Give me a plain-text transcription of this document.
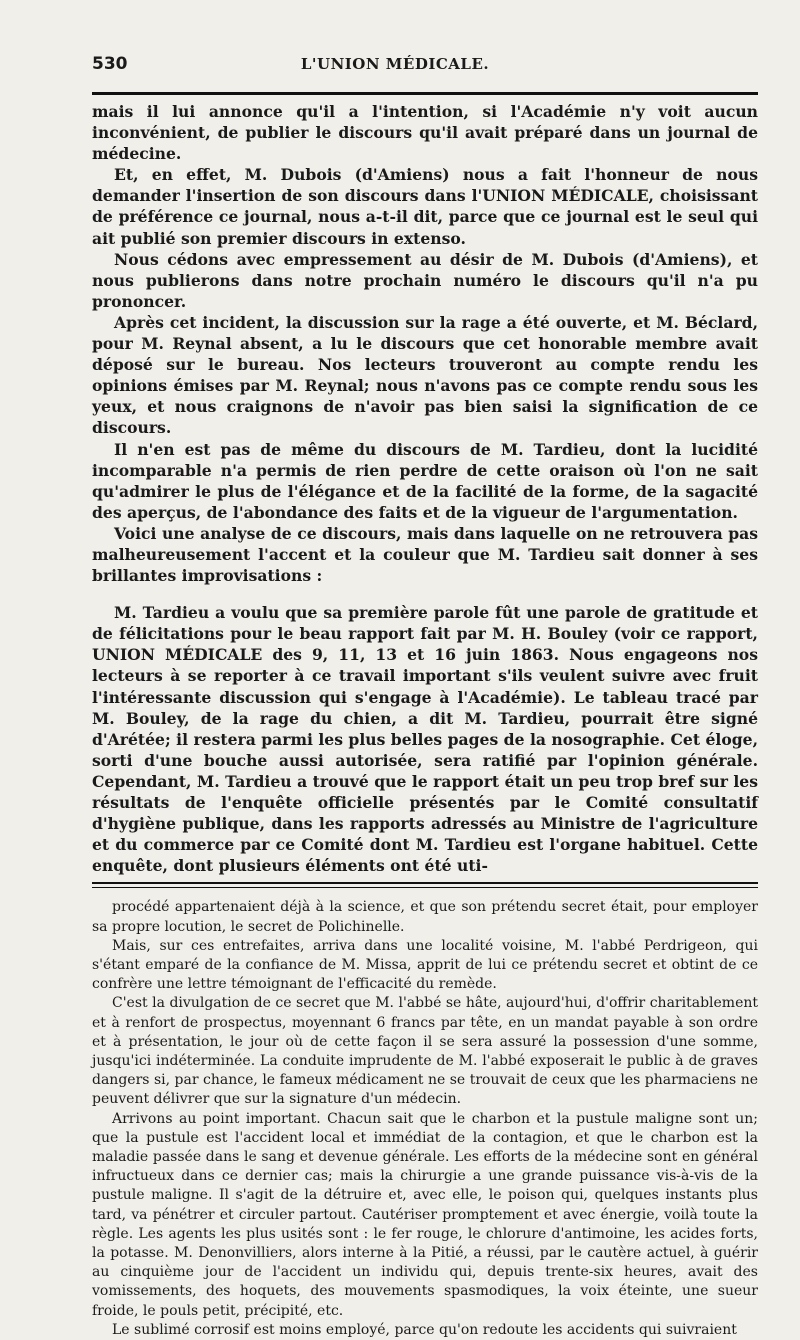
530	L'UNION MÉDICALE.

mais il lui annonce qu'il a l'intention, si l'Académie n'y voit aucun inconvénient, de publier le discours qu'il avait préparé dans un journal de médecine.

Et, en effet, M. Dubois (d'Amiens) nous a fait l'honneur de nous demander l'insertion de son discours dans l'UNION MÉDICALE, choisissant de préférence ce journal, nous a-t-il dit, parce que ce journal est le seul qui ait publié son premier discours in extenso.

Nous cédons avec empressement au désir de M. Dubois (d'Amiens), et nous publierons dans notre prochain numéro le discours qu'il n'a pu prononcer.

Après cet incident, la discussion sur la rage a été ouverte, et M. Béclard, pour M. Reynal absent, a lu le discours que cet honorable membre avait déposé sur le bureau. Nos lecteurs trouveront au compte rendu les opinions émises par M. Reynal; nous n'avons pas ce compte rendu sous les yeux, et nous craignons de n'avoir pas bien saisi la signification de ce discours.

Il n'en est pas de même du discours de M. Tardieu, dont la lucidité incomparable n'a permis de rien perdre de cette oraison où l'on ne sait qu'admirer le plus de l'élégance et de la facilité de la forme, de la sagacité des aperçus, de l'abondance des faits et de la vigueur de l'argumentation.

Voici une analyse de ce discours, mais dans laquelle on ne retrouvera pas malheureusement l'accent et la couleur que M. Tardieu sait donner à ses brillantes improvisations :

M. Tardieu a voulu que sa première parole fût une parole de gratitude et de félicitations pour le beau rapport fait par M. H. Bouley (voir ce rapport, UNION MÉDICALE des 9, 11, 13 et 16 juin 1863. Nous engageons nos lecteurs à se reporter à ce travail important s'ils veulent suivre avec fruit l'intéressante discussion qui s'engage à l'Académie). Le tableau tracé par M. Bouley, de la rage du chien, a dit M. Tardieu, pourrait être signé d'Arétée; il restera parmi les plus belles pages de la nosographie. Cet éloge, sorti d'une bouche aussi autorisée, sera ratifié par l'opinion générale. Cependant, M. Tardieu a trouvé que le rapport était un peu trop bref sur les résultats de l'enquête officielle présentés par le Comité consultatif d'hygiène publique, dans les rapports adressés au Ministre de l'agriculture et du commerce par ce Comité dont M. Tardieu est l'organe habituel. Cette enquête, dont plusieurs éléments ont été uti-

procédé appartenaient déjà à la science, et que son prétendu secret était, pour employer sa propre locution, le secret de Polichinelle.

Mais, sur ces entrefaites, arriva dans une localité voisine, M. l'abbé Perdrigeon, qui s'étant emparé de la confiance de M. Missa, apprit de lui ce prétendu secret et obtint de ce confrère une lettre témoignant de l'efficacité du remède.

C'est la divulgation de ce secret que M. l'abbé se hâte, aujourd'hui, d'offrir charitablement et à renfort de prospectus, moyennant 6 francs par tête, en un mandat payable à son ordre et à présentation, le jour où de cette façon il se sera assuré la possession d'une somme, jusqu'ici indéterminée. La conduite imprudente de M. l'abbé exposerait le public à de graves dangers si, par chance, le fameux médicament ne se trouvait de ceux que les pharmaciens ne peuvent délivrer que sur la signature d'un médecin.

Arrivons au point important. Chacun sait que le charbon et la pustule maligne sont un; que la pustule est l'accident local et immédiat de la contagion, et que le charbon est la maladie passée dans le sang et devenue générale. Les efforts de la médecine sont en général infructueux dans ce dernier cas; mais la chirurgie a une grande puissance vis-à-vis de la pustule maligne. Il s'agit de la détruire et, avec elle, le poison qui, quelques instants plus tard, va pénétrer et circuler partout. Cautériser promptement et avec énergie, voilà toute la règle. Les agents les plus usités sont : le fer rouge, le chlorure d'antimoine, les acides forts, la potasse. M. Denonvilliers, alors interne à la Pitié, a réussi, par le cautère actuel, à guérir au cinquième jour de l'accident un individu qui, depuis trente-six heures, avait des vomissements, des hoquets, des mouvements spasmodiques, la voix éteinte, une sueur froide, le pouls petit, précipité, etc.

Le sublimé corrosif est moins employé, parce qu'on redoute les accidents qui suivraient
